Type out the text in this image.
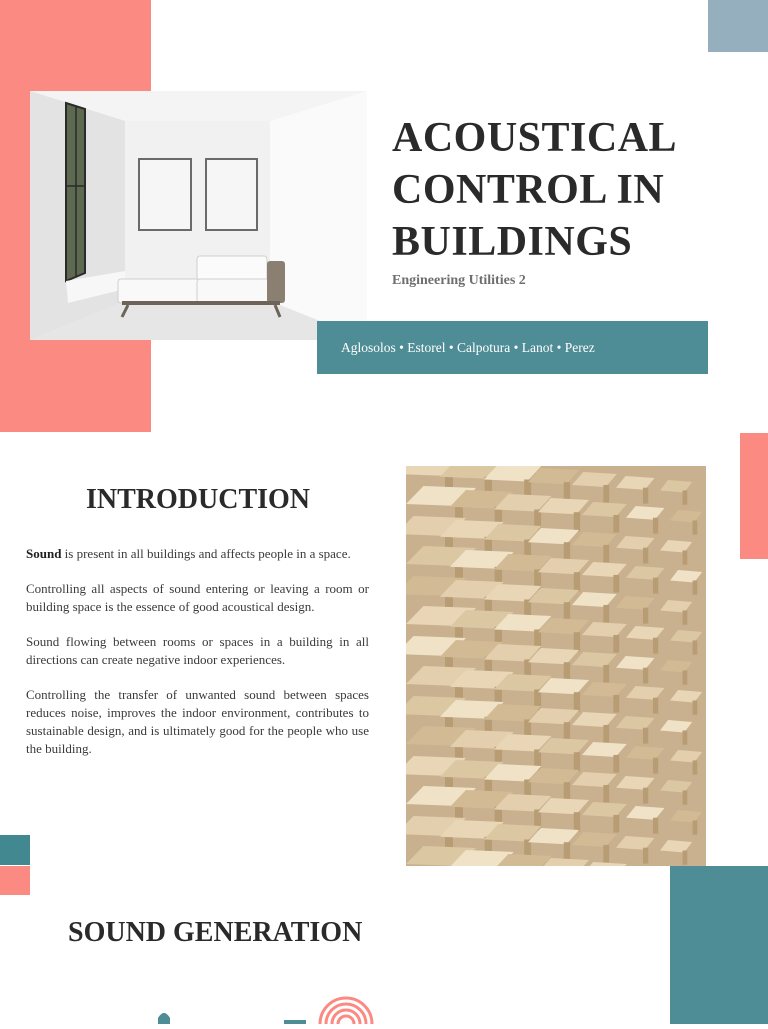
ACOUSTICAL
CONTROL IN
BUILDINGS
Engineering Utilities 2
Aglosolos • Estorel • Calpotura • Lanot • Perez
INTRODUCTION

Sound is present in all buildings and affects people in a space.

Controlling all aspects of sound entering or leaving a room or building space is the essence of good acoustical design.

Sound flowing between rooms or spaces in a building in all directions can create negative indoor experiences.

Controlling the transfer of unwanted sound between spaces reduces noise, improves the indoor environment, contributes to sustainable design, and is ultimately good for the people who use the building.

SOUND GENERATION
